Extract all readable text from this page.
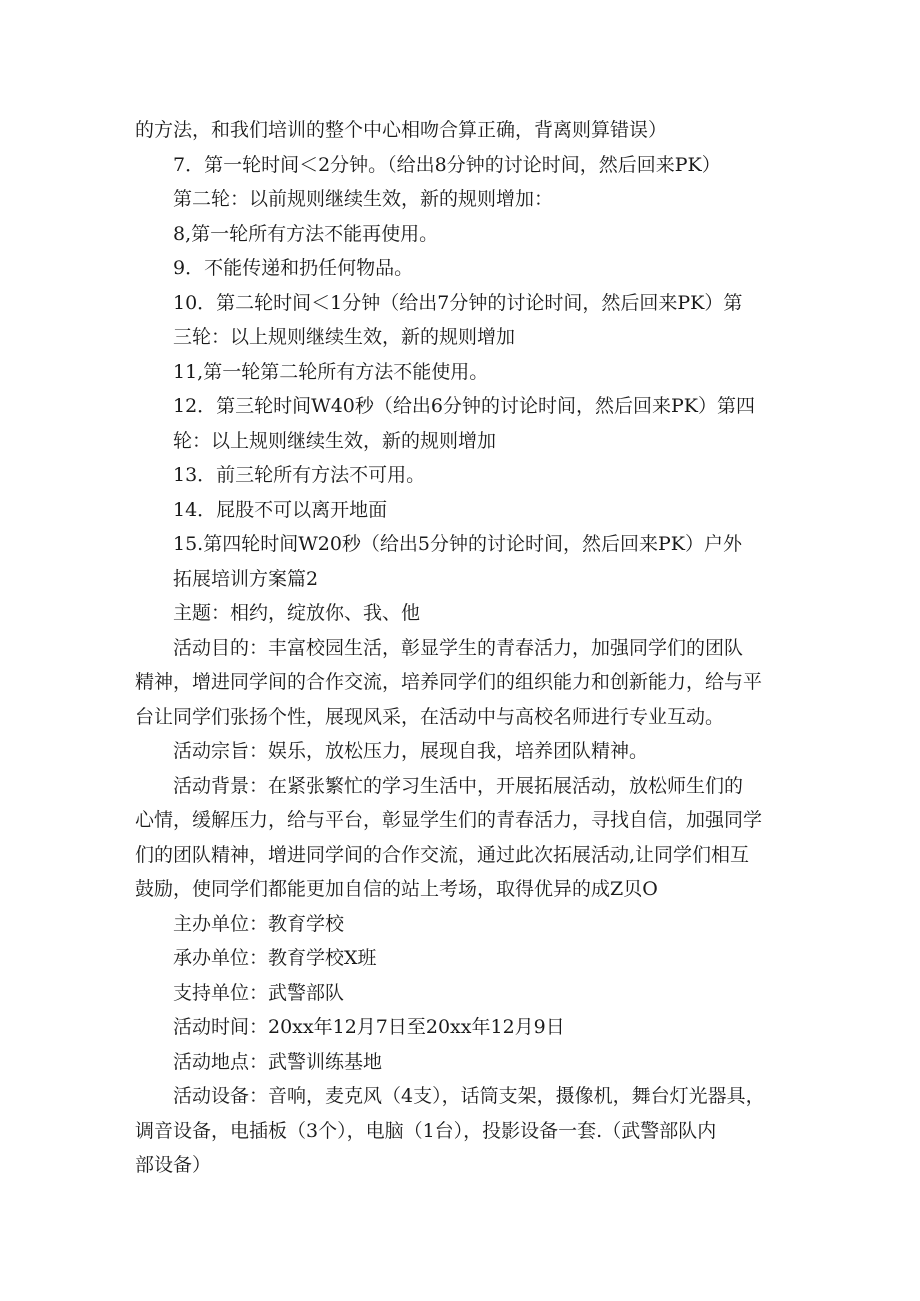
的方法，和我们培训的整个中心相吻合算正确，背离则算错误）
7．第一轮时间＜2分钟。（给出8分钟的讨论时间，然后回来PK）
第二轮：以前规则继续生效，新的规则增加：
8,第一轮所有方法不能再使用。
9．不能传递和扔任何物品。
10．第二轮时间＜1分钟（给出7分钟的讨论时间，然后回来PK）第
三轮：以上规则继续生效，新的规则增加
11,第一轮第二轮所有方法不能使用。
12．第三轮时间W40秒（给出6分钟的讨论时间，然后回来PK）第四
轮：以上规则继续生效，新的规则增加
13．前三轮所有方法不可用。
14．屁股不可以离开地面
15.第四轮时间W20秒（给出5分钟的讨论时间，然后回来PK）户外
拓展培训方案篇2
主题：相约，绽放你、我、他
活动目的：丰富校园生活，彰显学生的青春活力，加强同学们的团队
精神，增进同学间的合作交流，培养同学们的组织能力和创新能力，给与平
台让同学们张扬个性，展现风采，在活动中与高校名师进行专业互动。
活动宗旨：娱乐，放松压力，展现自我，培养团队精神。
活动背景：在紧张繁忙的学习生活中，开展拓展活动，放松师生们的
心情，缓解压力，给与平台，彰显学生们的青春活力，寻找自信，加强同学
们的团队精神，增进同学间的合作交流，通过此次拓展活动,让同学们相互
鼓励，使同学们都能更加自信的站上考场，取得优异的成Z贝O
主办单位：教育学校
承办单位：教育学校X班
支持单位：武警部队
活动时间：20xx年12月7日至20xx年12月9日
活动地点：武警训练基地
活动设备：音响，麦克风（4支），话筒支架，摄像机，舞台灯光器具，
调音设备，电插板（3个），电脑（1台），投影设备一套.（武警部队内
部设备）
